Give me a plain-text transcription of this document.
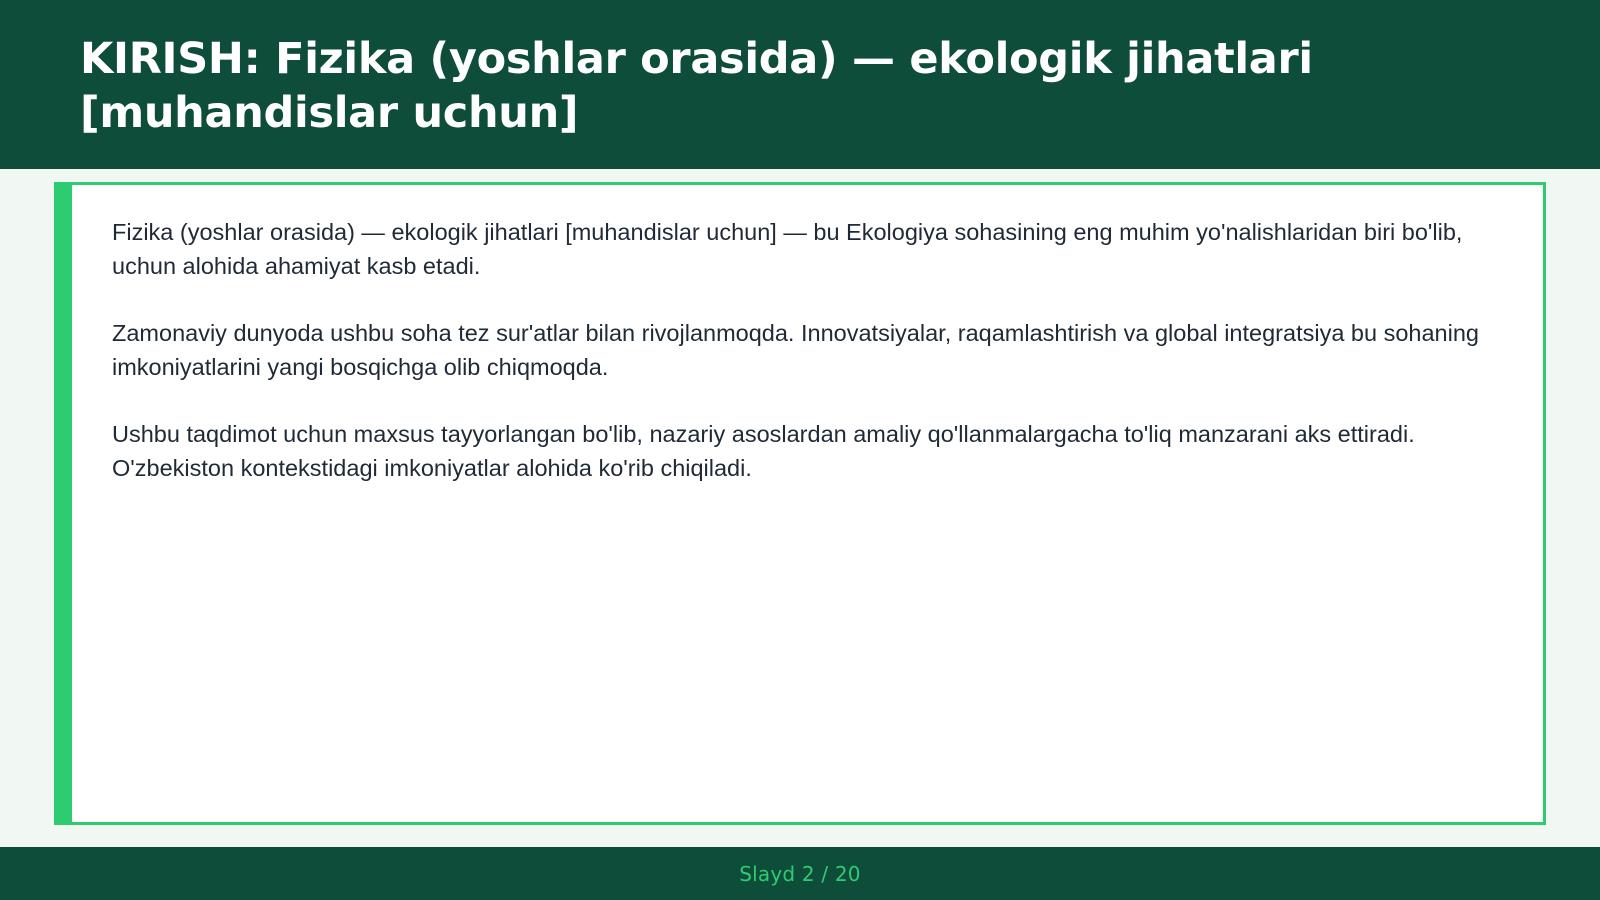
KIRISH: Fizika (yoshlar orasida) — ekologik jihatlari [muhandislar uchun]

Fizika (yoshlar orasida) — ekologik jihatlari [muhandislar uchun] — bu Ekologiya sohasining eng muhim yo'nalishlaridan biri bo'lib, uchun alohida ahamiyat kasb etadi.

Zamonaviy dunyoda ushbu soha tez sur'atlar bilan rivojlanmoqda. Innovatsiyalar, raqamlashtirish va global integratsiya bu sohaning imkoniyatlarini yangi bosqichga olib chiqmoqda.

Ushbu taqdimot uchun maxsus tayyorlangan bo'lib, nazariy asoslardan amaliy qo'llanmalargacha to'liq manzarani aks ettiradi. O'zbekiston kontekstidagi imkoniyatlar alohida ko'rib chiqiladi.

Slayd 2 / 20
